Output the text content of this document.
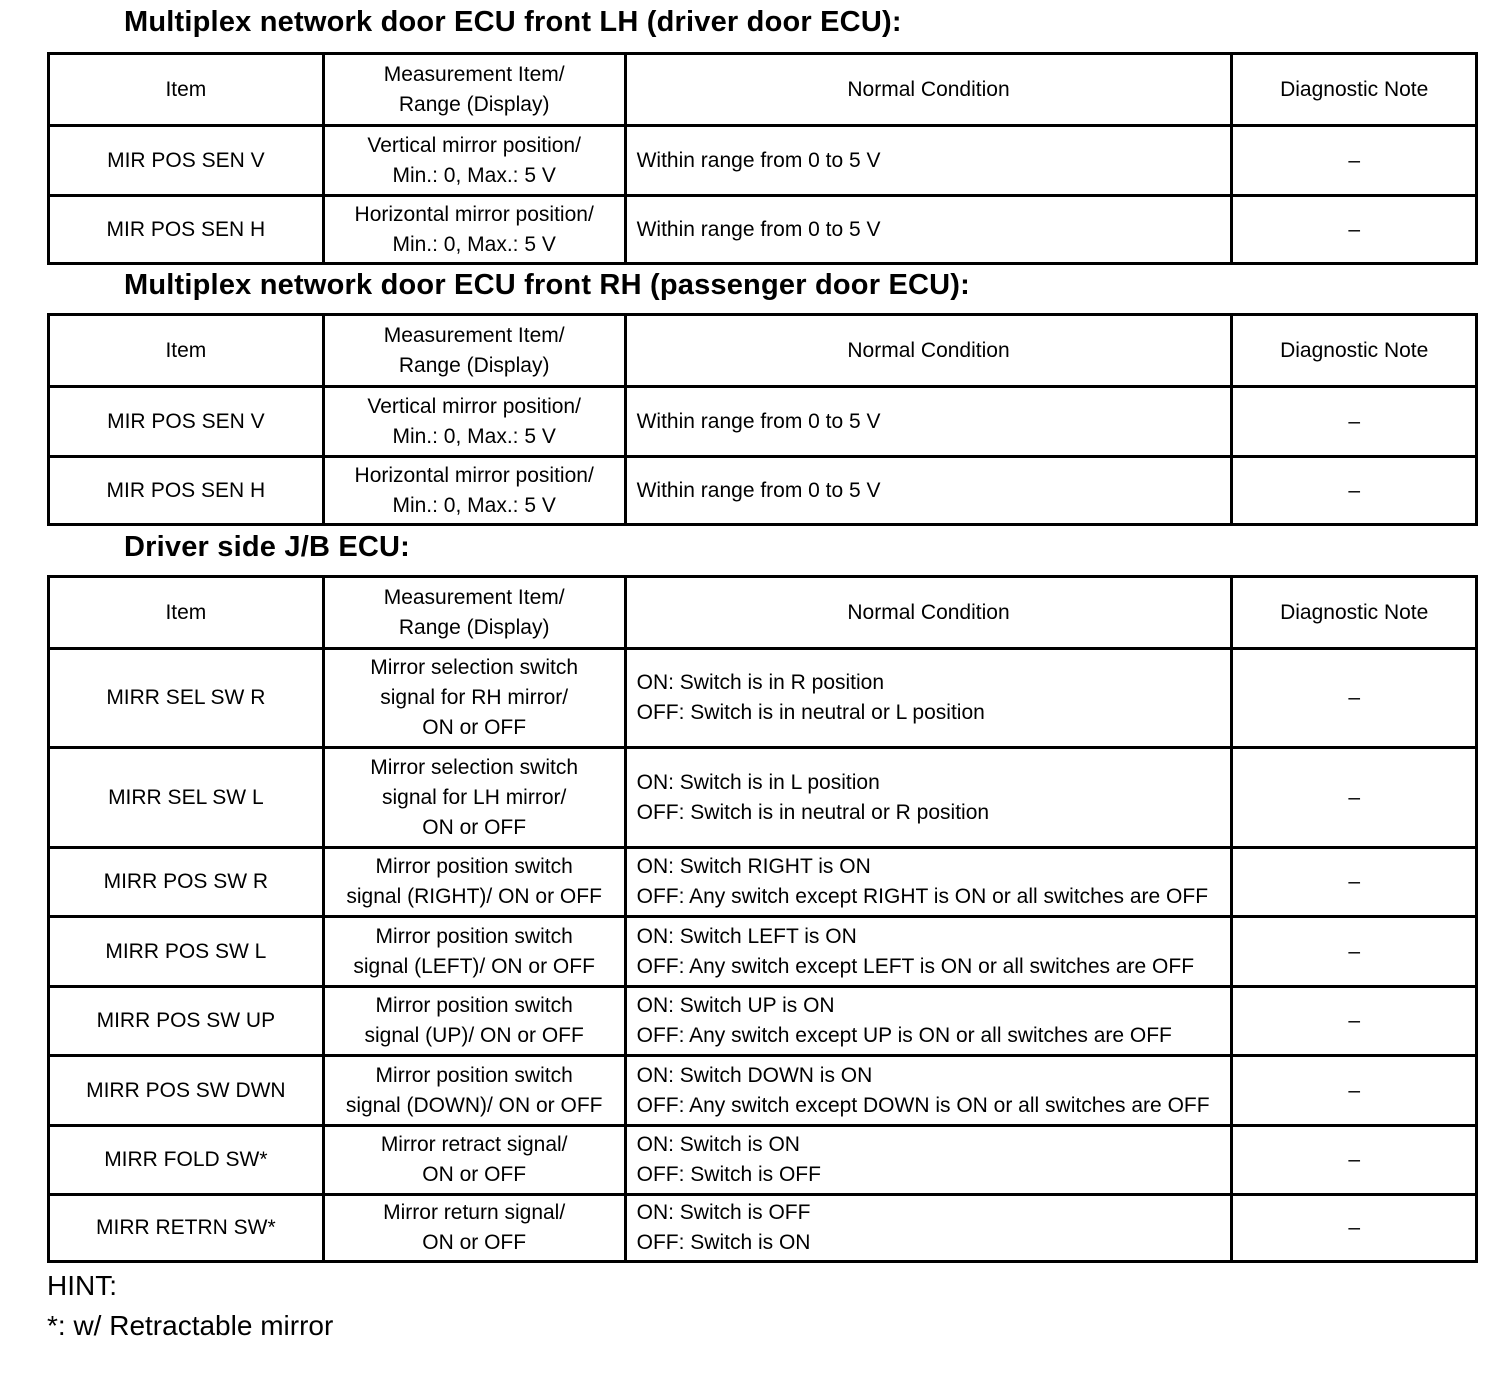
Multiplex network door ECU front LH (driver door ECU):
Item	Measurement Item/
Range (Display)	Normal Condition	Diagnostic Note
MIR POS SEN V	Vertical mirror position/
Min.: 0, Max.: 5 V	Within range from 0 to 5 V	–
MIR POS SEN H	Horizontal mirror position/
Min.: 0, Max.: 5 V	Within range from 0 to 5 V	–
Multiplex network door ECU front RH (passenger door ECU):
Item	Measurement Item/
Range (Display)	Normal Condition	Diagnostic Note
MIR POS SEN V	Vertical mirror position/
Min.: 0, Max.: 5 V	Within range from 0 to 5 V	–
MIR POS SEN H	Horizontal mirror position/
Min.: 0, Max.: 5 V	Within range from 0 to 5 V	–
Driver side J/B ECU:
Item	Measurement Item/
Range (Display)	Normal Condition	Diagnostic Note
MIRR SEL SW R	Mirror selection switch
signal for RH mirror/
ON or OFF	ON: Switch is in R position
OFF: Switch is in neutral or L position	–
MIRR SEL SW L	Mirror selection switch
signal for LH mirror/
ON or OFF	ON: Switch is in L position
OFF: Switch is in neutral or R position	–
MIRR POS SW R	Mirror position switch
signal (RIGHT)/ ON or OFF	ON: Switch RIGHT is ON
OFF: Any switch except RIGHT is ON or all switches are OFF	–
MIRR POS SW L	Mirror position switch
signal (LEFT)/ ON or OFF	ON: Switch LEFT is ON
OFF: Any switch except LEFT is ON or all switches are OFF	–
MIRR POS SW UP	Mirror position switch
signal (UP)/ ON or OFF	ON: Switch UP is ON
OFF: Any switch except UP is ON or all switches are OFF	–
MIRR POS SW DWN	Mirror position switch
signal (DOWN)/ ON or OFF	ON: Switch DOWN is ON
OFF: Any switch except DOWN is ON or all switches are OFF	–
MIRR FOLD SW*	Mirror retract signal/
ON or OFF	ON: Switch is ON
OFF: Switch is OFF	–
MIRR RETRN SW*	Mirror return signal/
ON or OFF	ON: Switch is OFF
OFF: Switch is ON	–
HINT:
*: w/ Retractable mirror
